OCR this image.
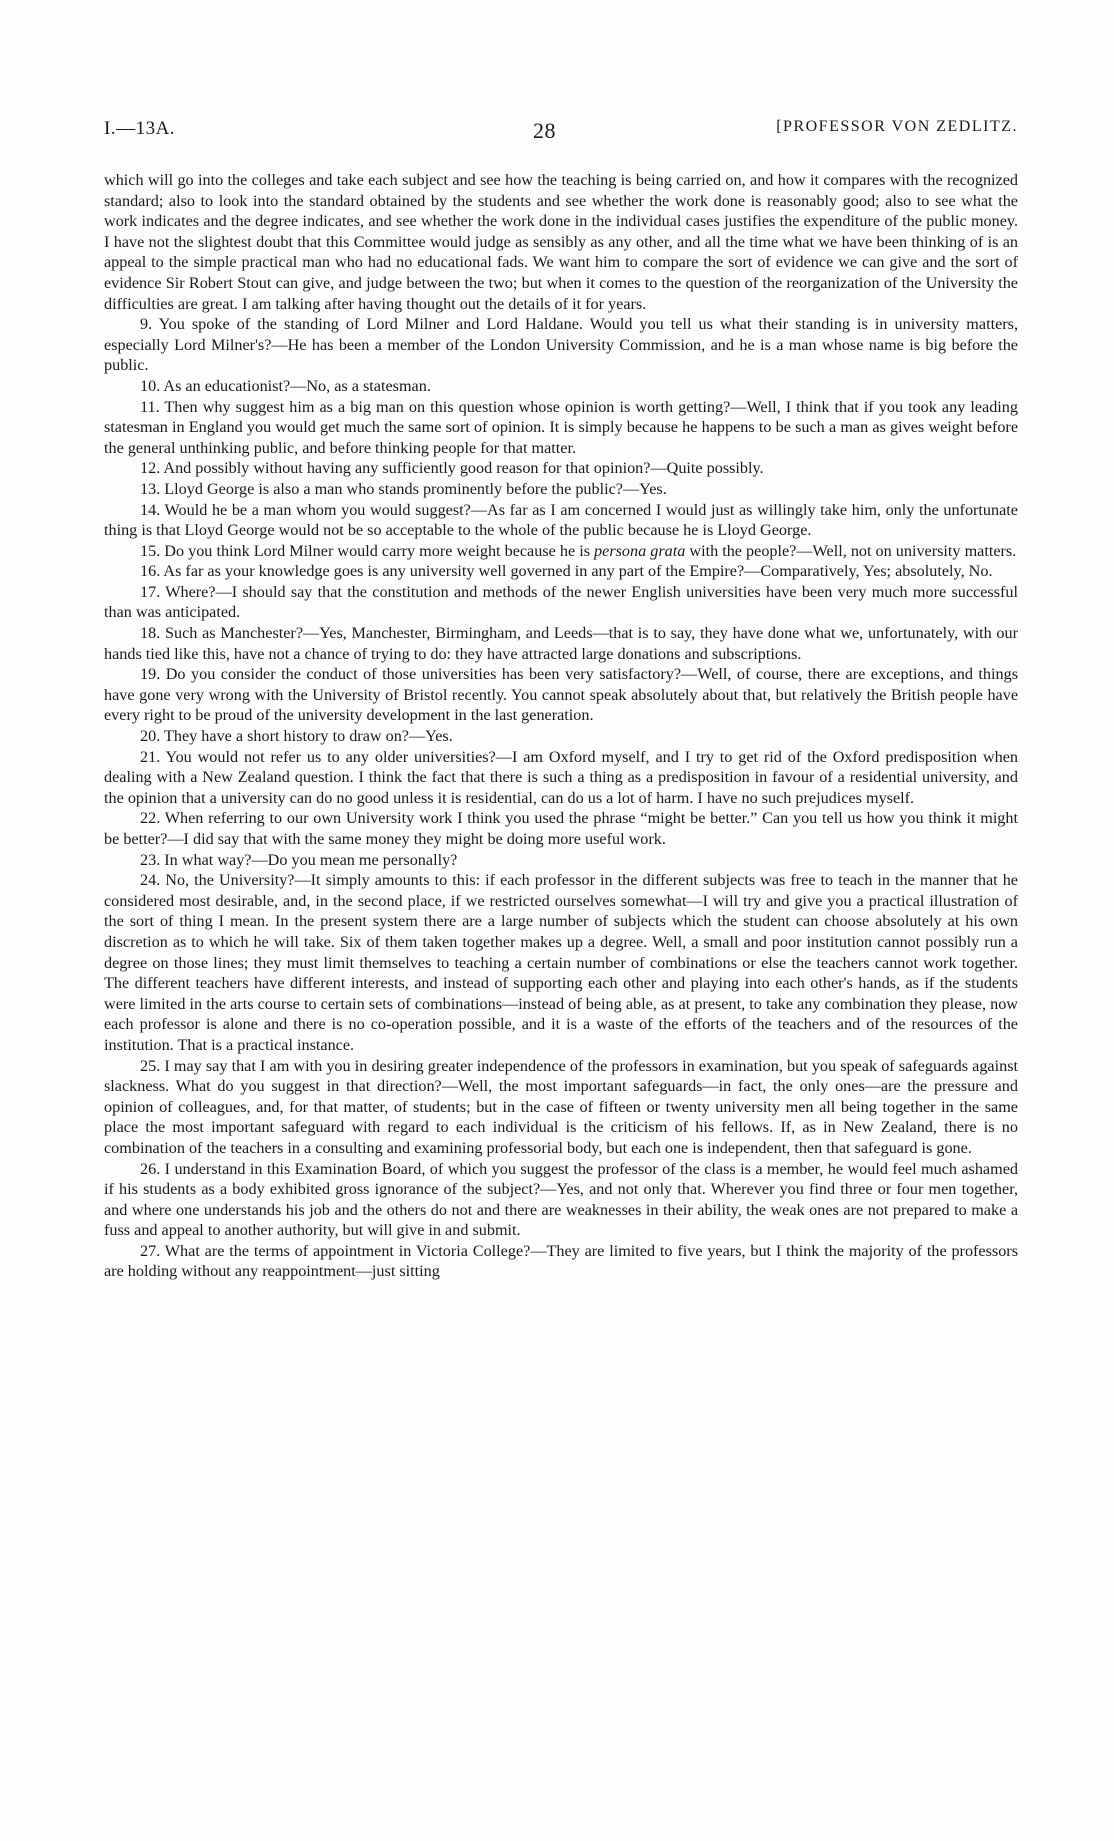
I.—13A.	28	[PROFESSOR VON ZEDLITZ.

which will go into the colleges and take each subject and see how the teaching is being carried on, and how it compares with the recognized standard; also to look into the standard obtained by the students and see whether the work done is reasonably good; also to see what the work indicates and the degree indicates, and see whether the work done in the individual cases justifies the expenditure of the public money. I have not the slightest doubt that this Committee would judge as sensibly as any other, and all the time what we have been thinking of is an appeal to the simple practical man who had no educational fads. We want him to compare the sort of evidence we can give and the sort of evidence Sir Robert Stout can give, and judge between the two; but when it comes to the question of the reorganization of the University the difficulties are great. I am talking after having thought out the details of it for years.

9. You spoke of the standing of Lord Milner and Lord Haldane. Would you tell us what their standing is in university matters, especially Lord Milner's?—He has been a member of the London University Commission, and he is a man whose name is big before the public.

10. As an educationist?—No, as a statesman.

11. Then why suggest him as a big man on this question whose opinion is worth getting?—Well, I think that if you took any leading statesman in England you would get much the same sort of opinion. It is simply because he happens to be such a man as gives weight before the general unthinking public, and before thinking people for that matter.

12. And possibly without having any sufficiently good reason for that opinion?—Quite possibly.

13. Lloyd George is also a man who stands prominently before the public?—Yes.

14. Would he be a man whom you would suggest?—As far as I am concerned I would just as willingly take him, only the unfortunate thing is that Lloyd George would not be so acceptable to the whole of the public because he is Lloyd George.

15. Do you think Lord Milner would carry more weight because he is persona grata with the people?—Well, not on university matters.

16. As far as your knowledge goes is any university well governed in any part of the Empire?—Comparatively, Yes; absolutely, No.

17. Where?—I should say that the constitution and methods of the newer English universities have been very much more successful than was anticipated.

18. Such as Manchester?—Yes, Manchester, Birmingham, and Leeds—that is to say, they have done what we, unfortunately, with our hands tied like this, have not a chance of trying to do: they have attracted large donations and subscriptions.

19. Do you consider the conduct of those universities has been very satisfactory?—Well, of course, there are exceptions, and things have gone very wrong with the University of Bristol recently. You cannot speak absolutely about that, but relatively the British people have every right to be proud of the university development in the last generation.

20. They have a short history to draw on?—Yes.

21. You would not refer us to any older universities?—I am Oxford myself, and I try to get rid of the Oxford predisposition when dealing with a New Zealand question. I think the fact that there is such a thing as a predisposition in favour of a residential university, and the opinion that a university can do no good unless it is residential, can do us a lot of harm. I have no such prejudices myself.

22. When referring to our own University work I think you used the phrase “might be better.” Can you tell us how you think it might be better?—I did say that with the same money they might be doing more useful work.

23. In what way?—Do you mean me personally?

24. No, the University?—It simply amounts to this: if each professor in the different subjects was free to teach in the manner that he considered most desirable, and, in the second place, if we restricted ourselves somewhat—I will try and give you a practical illustration of the sort of thing I mean. In the present system there are a large number of subjects which the student can choose absolutely at his own discretion as to which he will take. Six of them taken together makes up a degree. Well, a small and poor institution cannot possibly run a degree on those lines; they must limit themselves to teaching a certain number of combinations or else the teachers cannot work together. The different teachers have different interests, and instead of supporting each other and playing into each other's hands, as if the students were limited in the arts course to certain sets of combinations—instead of being able, as at present, to take any combination they please, now each professor is alone and there is no co-operation possible, and it is a waste of the efforts of the teachers and of the resources of the institution. That is a practical instance.

25. I may say that I am with you in desiring greater independence of the professors in examination, but you speak of safeguards against slackness. What do you suggest in that direction?—Well, the most important safeguards—in fact, the only ones—are the pressure and opinion of colleagues, and, for that matter, of students; but in the case of fifteen or twenty university men all being together in the same place the most important safeguard with regard to each individual is the criticism of his fellows. If, as in New Zealand, there is no combination of the teachers in a consulting and examining professorial body, but each one is independent, then that safeguard is gone.

26. I understand in this Examination Board, of which you suggest the professor of the class is a member, he would feel much ashamed if his students as a body exhibited gross ignorance of the subject?—Yes, and not only that. Wherever you find three or four men together, and where one understands his job and the others do not and there are weaknesses in their ability, the weak ones are not prepared to make a fuss and appeal to another authority, but will give in and submit.

27. What are the terms of appointment in Victoria College?—They are limited to five years, but I think the majority of the professors are holding without any reappointment—just sitting
